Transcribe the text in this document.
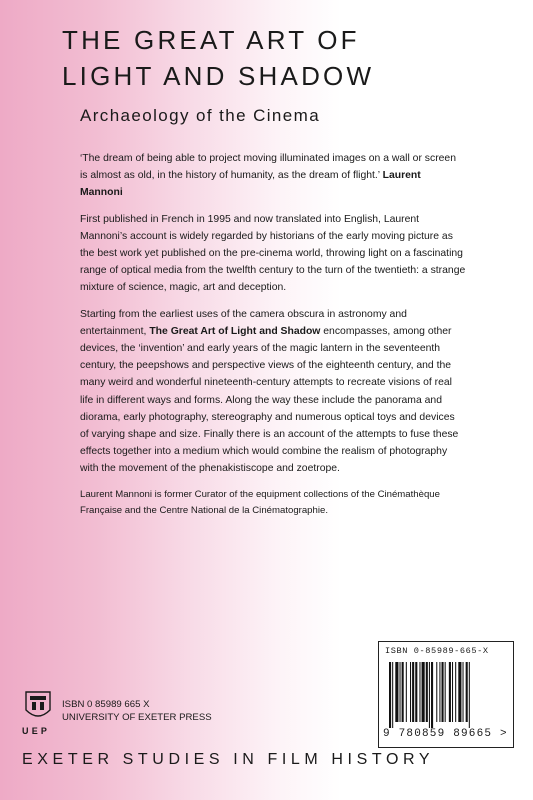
THE GREAT ART OF
LIGHT AND SHADOW
Archaeology of the Cinema

‘The dream of being able to project moving illuminated images on a wall or screen is almost as old, in the history of humanity, as the dream of flight.’ Laurent Mannoni

First published in French in 1995 and now translated into English, Laurent Mannoni’s account is widely regarded by historians of the early moving picture as the best work yet published on the pre-cinema world, throwing light on a fascinating range of optical media from the twelfth century to the turn of the twentieth: a strange mixture of science, magic, art and deception.

Starting from the earliest uses of the camera obscura in astronomy and entertainment, The Great Art of Light and Shadow encompasses, among other devices, the ‘invention’ and early years of the magic lantern in the seventeenth century, the peepshows and perspective views of the eighteenth century, and the many weird and wonderful nineteenth-century attempts to recreate visions of real life in different ways and forms. Along the way these include the panorama and diorama, early photography, stereography and numerous optical toys and devices of varying shape and size. Finally there is an account of the attempts to fuse these effects together into a medium which would combine the realism of photography with the movement of the phenakistiscope and zoetrope.

Laurent Mannoni is former Curator of the equipment collections of the Cinémathèque Française and the Centre National de la Cinématographie.

UEP
ISBN 0 85989 665 X
UNIVERSITY OF EXETER PRESS
ISBN 0-85989-665-X
9 780859 89665 >
EXETER STUDIES IN FILM HISTORY
